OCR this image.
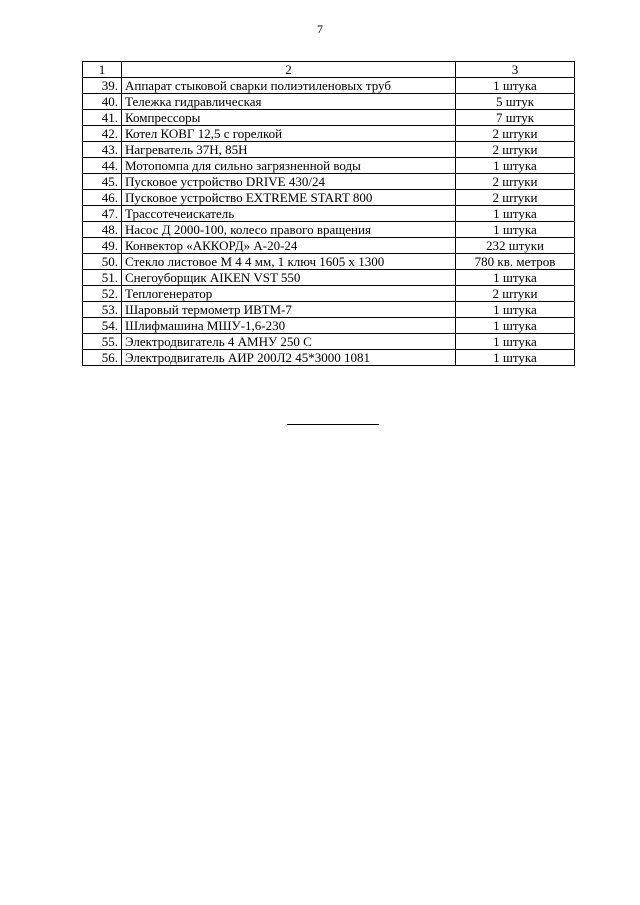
7
1	2	3
39.	Аппарат стыковой сварки полиэтиленовых труб	1 штука
40.	Тележка гидравлическая	5 штук
41.	Компрессоры	7 штук
42.	Котел КОВГ 12,5 с горелкой	2 штуки
43.	Нагреватель 37Н, 85Н	2 штуки
44.	Мотопомпа для сильно загрязненной воды	1 штука
45.	Пусковое устройство DRIVE 430/24	2 штуки
46.	Пусковое устройство EXTREME START 800	2 штуки
47.	Трассотечеискатель	1 штука
48.	Насос Д 2000-100, колесо правого вращения	1 штука
49.	Конвектор «АККОРД» А-20-24	232 штуки
50.	Стекло листовое М 4 4 мм, 1 ключ 1605 х 1300	780 кв. метров
51.	Снегоуборщик AIKEN VST 550	1 штука
52.	Теплогенератор	2 штуки
53.	Шаровый термометр ИВТМ-7	1 штука
54.	Шлифмашина МШУ-1,6-230	1 штука
55.	Электродвигатель 4 АМНУ 250 С	1 штука
56.	Электродвигатель АИР 200Л2 45*3000 1081	1 штука
